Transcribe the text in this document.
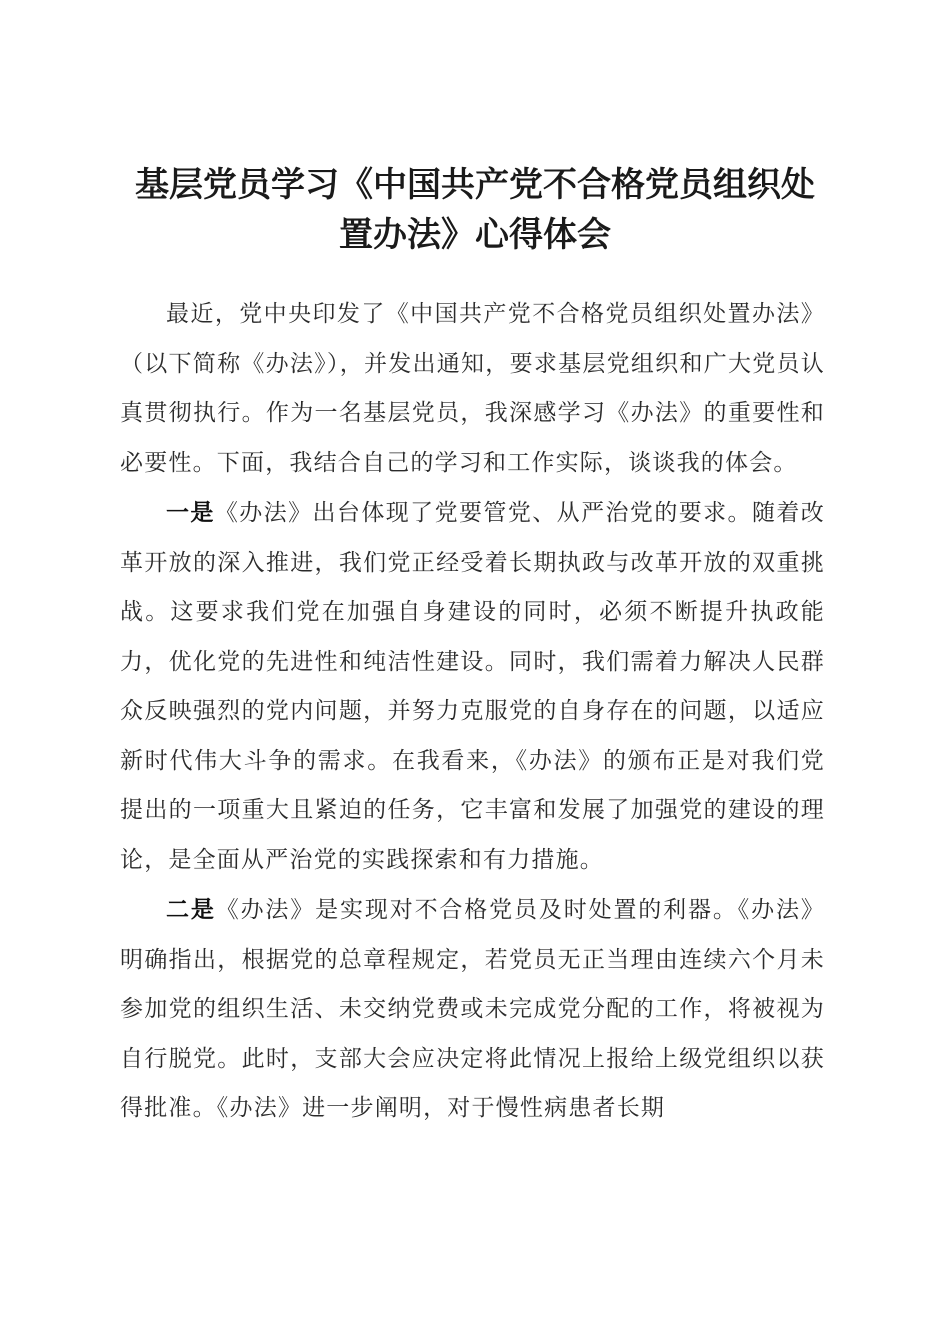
基层党员学习《中国共产党不合格党员组织处
置办法》心得体会

最近，党中央印发了《中国共产党不合格党员组织处置办法》（以下简称《办法》），并发出通知，要求基层党组织和广大党员认真贯彻执行。作为一名基层党员，我深感学习《办法》的重要性和必要性。下面，我结合自己的学习和工作实际，谈谈我的体会。

一是《办法》出台体现了党要管党、从严治党的要求。随着改革开放的深入推进，我们党正经受着长期执政与改革开放的双重挑战。这要求我们党在加强自身建设的同时，必须不断提升执政能力，优化党的先进性和纯洁性建设。同时，我们需着力解决人民群众反映强烈的党内问题，并努力克服党的自身存在的问题，以适应新时代伟大斗争的需求。在我看来，《办法》的颁布正是对我们党提出的一项重大且紧迫的任务，它丰富和发展了加强党的建设的理论，是全面从严治党的实践探索和有力措施。

二是《办法》是实现对不合格党员及时处置的利器。《办法》明确指出，根据党的总章程规定，若党员无正当理由连续六个月未参加党的组织生活、未交纳党费或未完成党分配的工作，将被视为自行脱党。此时，支部大会应决定将此情况上报给上级党组织以获得批准。《办法》进一步阐明，对于慢性病患者长期
